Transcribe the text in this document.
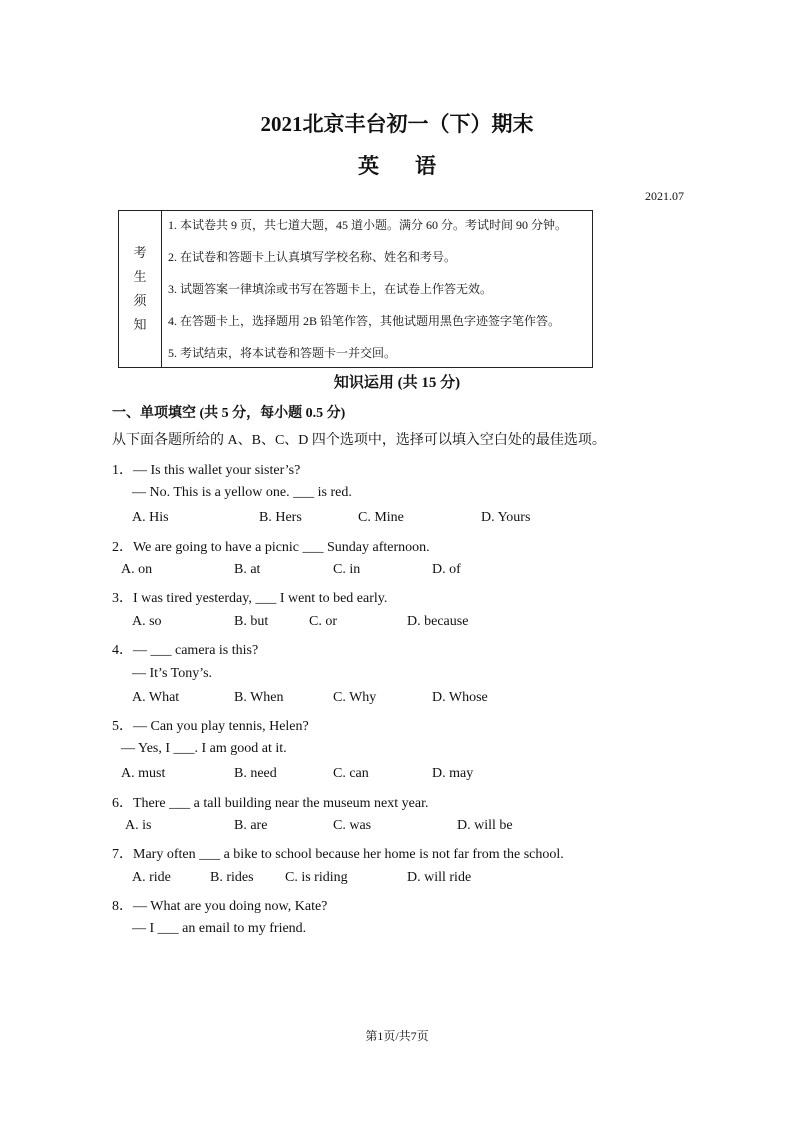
2021北京丰台初一（下）期末
英语
2021.07
考
生
须
知
1. 本试卷共 9 页，共七道大题，45 道小题。满分 60 分。考试时间 90 分钟。
2. 在试卷和答题卡上认真填写学校名称、姓名和考号。
3. 试题答案一律填涂或书写在答题卡上，在试卷上作答无效。
4. 在答题卡上，选择题用 2B 铅笔作答，其他试题用黑色字迹签字笔作答。
5. 考试结束，将本试卷和答题卡一并交回。
知识运用 (共 15 分)
一、单项填空 (共 5 分，每小题 0.5 分)
从下面各题所给的 A、B、C、D 四个选项中，选择可以填入空白处的最佳选项。
1．— Is this wallet your sister’s?
— No. This is a yellow one. ___ is red.
A. His	B. Hers	C. Mine	D. Yours
2．We are going to have a picnic ___ Sunday afternoon.
A. on	B. at	C. in	D. of
3．I was tired yesterday, ___ I went to bed early.
A. so	B. but	C. or	D. because
4．— ___ camera is this?
— It’s Tony’s.
A. What	B. When	C. Why	D. Whose
5．— Can you play tennis, Helen?
— Yes, I ___. I am good at it.
A. must	B. need	C. can	D. may
6．There ___ a tall building near the museum next year.
A. is	B. are	C. was	D. will be
7．Mary often ___ a bike to school because her home is not far from the school.
A. ride	B. rides C. is riding	D. will ride
8．— What are you doing now, Kate?
— I ___ an email to my friend.
第1页/共7页
